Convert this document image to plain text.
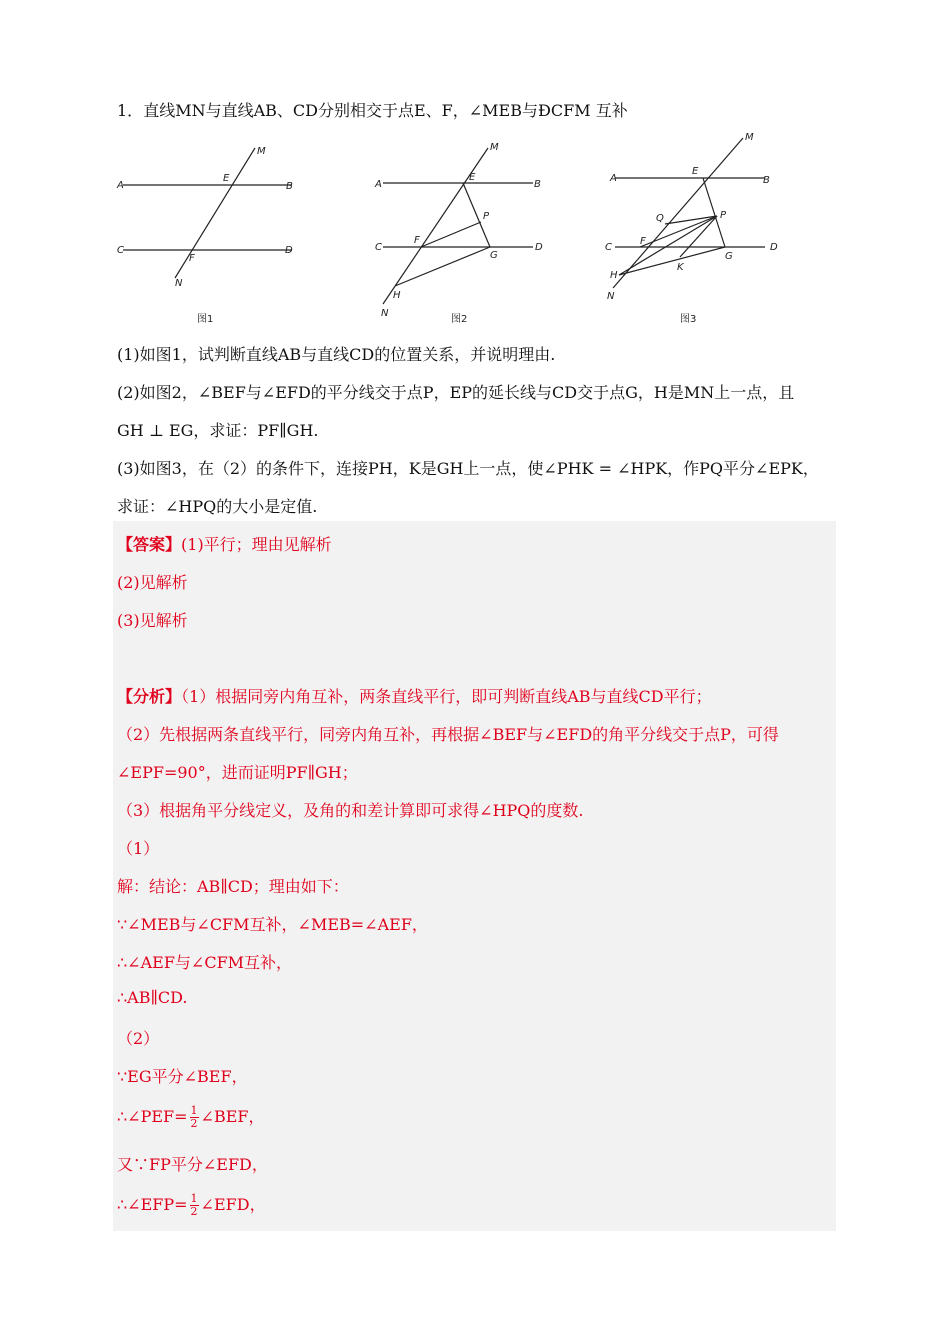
1．直线MN与直线AB、CD分别相交于点E、F，∠MEB与ĐCFM 互补
M
A
E
B
C
F
D
N
图1
M
A
E
B
P
C
F
G
D
H
N
图2
M
A
E
B
Q	P
C
F
D
H
K
G
N
图3
(1)如图1，试判断直线AB与直线CD的位置关系，并说明理由.
(2)如图2，∠BEF与∠EFD的平分线交于点P，EP的延长线与CD交于点G，H是MN上一点，且
GH ⊥ EG，求证：PF∥GH.
(3)如图3，在（2）的条件下，连接PH，K是GH上一点，使∠PHK = ∠HPK，作PQ平分∠EPK，
求证：∠HPQ的大小是定值.
【答案】(1)平行；理由见解析
(2)见解析
(3)见解析
【分析】（1）根据同旁内角互补，两条直线平行，即可判断直线AB与直线CD平行；
（2）先根据两条直线平行，同旁内角互补，再根据∠BEF与∠EFD的角平分线交于点P，可得
∠EPF=90°，进而证明PF∥GH；
（3）根据角平分线定义，及角的和差计算即可求得∠HPQ的度数.
（1）
解：结论：AB∥CD；理由如下：
∵∠MEB与∠CFM互补，∠MEB=∠AEF，
∴∠AEF与∠CFM互补，
∴AB∥CD.
（2）
∵EG平分∠BEF，
∴∠PEF= $\frac{1}{2}$ ∠BEF，
又∵FP平分∠EFD，
∴∠EFP= $\frac{1}{2}$ ∠EFD，
